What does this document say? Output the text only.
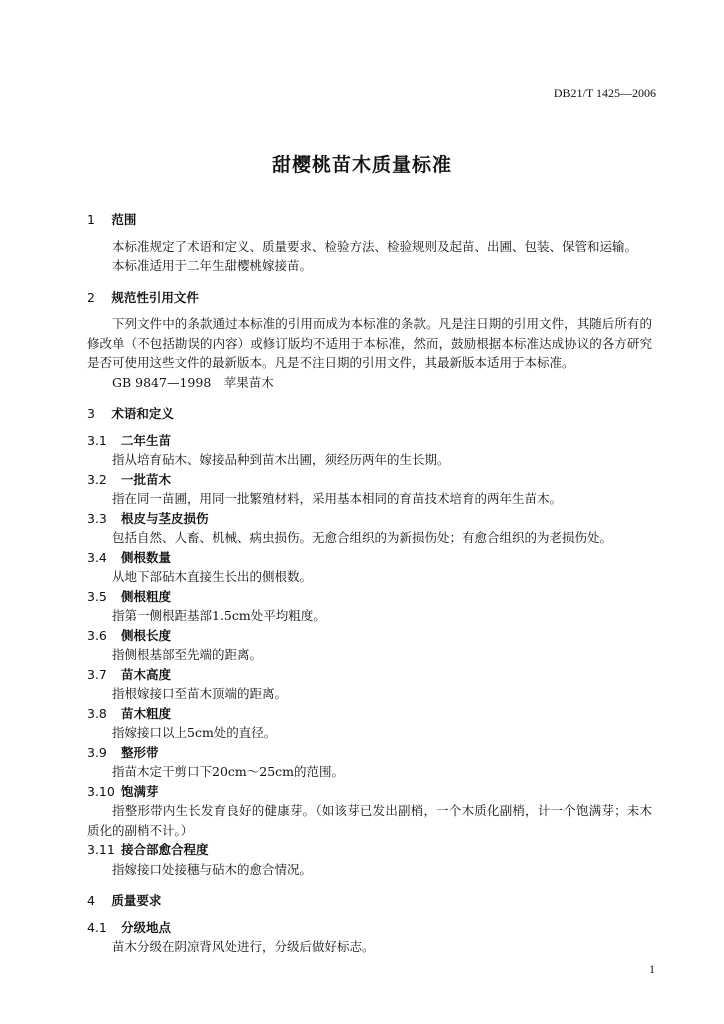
DB21/T 1425—2006
甜樱桃苗木质量标准
1 范围
本标准规定了术语和定义、质量要求、检验方法、检验规则及起苗、出圃、包装、保管和运输。
本标准适用于二年生甜樱桃嫁接苗。
2 规范性引用文件
下列文件中的条款通过本标准的引用而成为本标准的条款。凡是注日期的引用文件，其随后所有的修改单（不包括勘误的内容）或修订版均不适用于本标准，然而，鼓励根据本标准达成协议的各方研究是否可使用这些文件的最新版本。凡是不注日期的引用文件，其最新版本适用于本标准。
GB 9847—1998　苹果苗木
3 术语和定义
3.1 二年生苗
指从培育砧木、嫁接品种到苗木出圃，须经历两年的生长期。
3.2 一批苗木
指在同一苗圃，用同一批繁殖材料，采用基本相同的育苗技术培育的两年生苗木。
3.3 根皮与茎皮损伤
包括自然、人畜、机械、病虫损伤。无愈合组织的为新损伤处；有愈合组织的为老损伤处。
3.4 侧根数量
从地下部砧木直接生长出的侧根数。
3.5 侧根粗度
指第一侧根距基部1.5cm处平均粗度。
3.6 侧根长度
指侧根基部至先端的距离。
3.7 苗木高度
指根嫁接口至苗木顶端的距离。
3.8 苗木粗度
指嫁接口以上5cm处的直径。
3.9 整形带
指苗木定干剪口下20cm～25cm的范围。
3.10 饱满芽
指整形带内生长发育良好的健康芽。（如该芽已发出副梢，一个木质化副梢，计一个饱满芽；未木质化的副梢不计。）
3.11 接合部愈合程度
指嫁接口处接穗与砧木的愈合情况。
4 质量要求
4.1 分级地点
苗木分级在阴凉背风处进行，分级后做好标志。
1
